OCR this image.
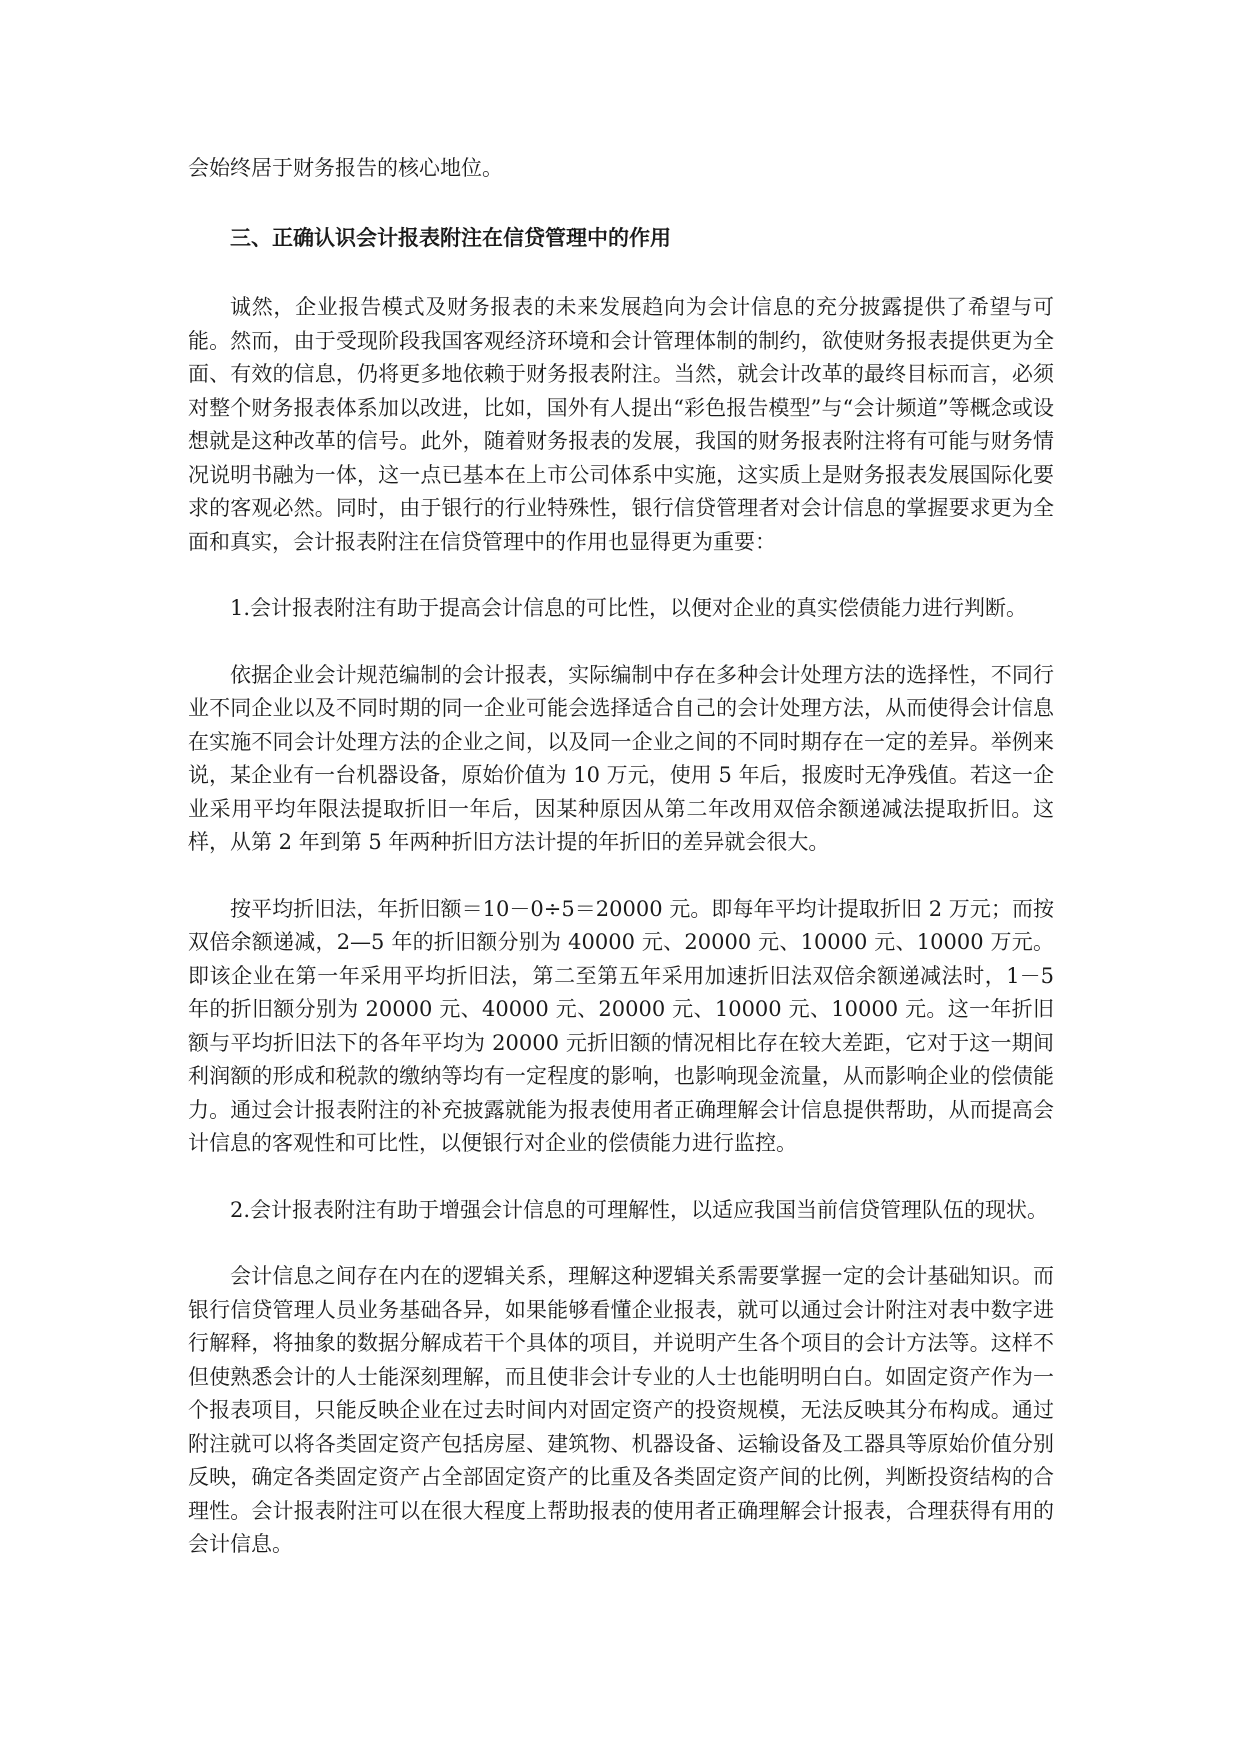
会始终居于财务报告的核心地位。

三、正确认识会计报表附注在信贷管理中的作用

诚然，企业报告模式及财务报表的未来发展趋向为会计信息的充分披露提供了希望与可能。然而，由于受现阶段我国客观经济环境和会计管理体制的制约，欲使财务报表提供更为全面、有效的信息，仍将更多地依赖于财务报表附注。当然，就会计改革的最终目标而言，必须对整个财务报表体系加以改进，比如，国外有人提出“彩色报告模型”与“会计频道”等概念或设想就是这种改革的信号。此外，随着财务报表的发展，我国的财务报表附注将有可能与财务情况说明书融为一体，这一点已基本在上市公司体系中实施，这实质上是财务报表发展国际化要求的客观必然。同时，由于银行的行业特殊性，银行信贷管理者对会计信息的掌握要求更为全面和真实，会计报表附注在信贷管理中的作用也显得更为重要：

1.会计报表附注有助于提高会计信息的可比性，以便对企业的真实偿债能力进行判断。

依据企业会计规范编制的会计报表，实际编制中存在多种会计处理方法的选择性，不同行业不同企业以及不同时期的同一企业可能会选择适合自己的会计处理方法，从而使得会计信息在实施不同会计处理方法的企业之间，以及同一企业之间的不同时期存在一定的差异。举例来说，某企业有一台机器设备，原始价值为 10 万元，使用 5 年后，报废时无净残值。若这一企业采用平均年限法提取折旧一年后，因某种原因从第二年改用双倍余额递减法提取折旧。这样，从第 2 年到第 5 年两种折旧方法计提的年折旧的差异就会很大。

按平均折旧法，年折旧额＝10－0÷5＝20000 元。即每年平均计提取折旧 2 万元；而按双倍余额递减，2—5 年的折旧额分别为 40000 元、20000 元、10000 元、10000 万元。即该企业在第一年采用平均折旧法，第二至第五年采用加速折旧法双倍余额递减法时，1－5 年的折旧额分别为 20000 元、40000 元、20000 元、10000 元、10000 元。这一年折旧额与平均折旧法下的各年平均为 20000 元折旧额的情况相比存在较大差距，它对于这一期间利润额的形成和税款的缴纳等均有一定程度的影响，也影响现金流量，从而影响企业的偿债能力。通过会计报表附注的补充披露就能为报表使用者正确理解会计信息提供帮助，从而提高会计信息的客观性和可比性，以便银行对企业的偿债能力进行监控。

2.会计报表附注有助于增强会计信息的可理解性，以适应我国当前信贷管理队伍的现状。

会计信息之间存在内在的逻辑关系，理解这种逻辑关系需要掌握一定的会计基础知识。而银行信贷管理人员业务基础各异，如果能够看懂企业报表，就可以通过会计附注对表中数字进行解释，将抽象的数据分解成若干个具体的项目，并说明产生各个项目的会计方法等。这样不但使熟悉会计的人士能深刻理解，而且使非会计专业的人士也能明明白白。如固定资产作为一个报表项目，只能反映企业在过去时间内对固定资产的投资规模，无法反映其分布构成。通过附注就可以将各类固定资产包括房屋、建筑物、机器设备、运输设备及工器具等原始价值分别反映，确定各类固定资产占全部固定资产的比重及各类固定资产间的比例，判断投资结构的合理性。会计报表附注可以在很大程度上帮助报表的使用者正确理解会计报表，合理获得有用的会计信息。
